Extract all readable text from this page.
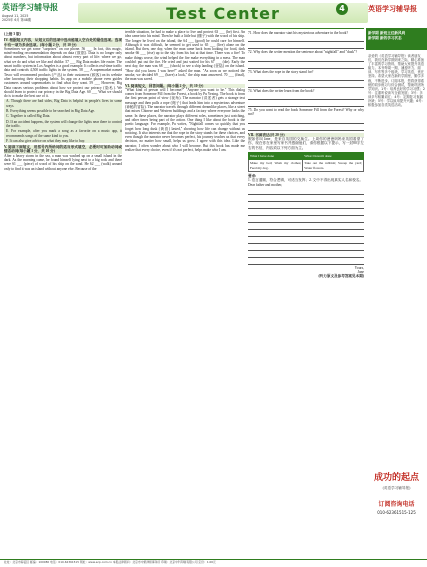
英语学习辅导报
August 11, 2025
2025年 6月 第48期	Test Center	4	英语学习辅导报
(上接 3 版)
IV. 根据短文内容，从短文后的选项中选出能填入空白处的最佳选项。选项中有一项为多余选项。(每小题 2 分，共 10 分)
Sometimes we get some "surprises" on our phone. 56 ___ In fact, this magic, mind-reading recommendation depends on data (数据). Data is no longer only about numbers, but information about almost every part of life: where we go, what we do and what we like and dislike. 57 ___ Big Data makes life easier. The smart traffic system in Los Angeles is a good example. It collects real-time traffic data and controls 4,500 traffic lights in the system. 58 ___ A supermarket named Tesco will recommend products (产品) to their customers (顾客) on its website after knowing their shopping habits. Its app on a mobile phone even guides customers around supermarkets to find what they want. 59 ___ However, Big Data causes serious problems about how we protect our privacy (隐私). We should learn to protect our privacy in the Big Data Age. 60 ___ What we should do is to make the best use of it.
A. Though there are bad sides, Big Data is helpful in people's lives in some ways.
B. Everything seems possible to be searched in Big Data Age.
C. Together is called Big Data.
D. If an accident happens, the system will change the lights near there to control the traffic.
E. For example, after you mark a song as a favorite on a music app, it recommends songs of the same kind to you.
F. It can also give advice on what they may like to buy.
V. 阅读下面短文，用括号内所给词的适当形式填空，必要时可加助动词或情态动词(每小题 1 分，共 10 分)
After a heavy storm in the sea, a man was washed up on a small island in the dark. As the morning came, he found himself lying next to a big rock and there were 61 ___ (piece) of wood of his ship on the sand. He 62 ___ (walk) around only to find it was an island without anyone else. Because of the
terrible situation, he had to make a place to live and protect 63 ___ (he) first. An idea came into his mind. Then he built a little hut (棚子) with the wood of his ship. The longer he lived on the island, the 64 ___ (good) he could care for himself. Although it was difficult, he seemed to get used to 65 ___ (live) alone on the island. But then, one day, when the man came back from looking for food, dark smoke 66 ___ (rise) up to the sky from his hut at that time. There was a fire! To make things worse, the wind helped the fire make everything in a mess. The man couldn't put out the fire. He cried and just waited for his 67 ___ (die). Early the next day, the man was 68 ___ (shock) to see a ship landing (登陆) on the island. "How did you know I was here?" asked the man. "As soon as we noticed the smoke, we decided 69 ___ (have) a look," the ship man answered. 70 ___ (final), the man was saved.
VI. 阅读短文，回答问题。(每小题 2 分，共 10 分)
"What kind of person will I become?" "Anyone you want to be." This dialog comes from Someone Fill from the Forest, a book by Pu Yexing. The book is from the first person point of view (视角). The narrator (讲述者) gets a strange text message and then pulls a rope (绳子) that leads him into a mysterious adventure (神秘的冒险). The narrator travels through different dreamlike places, like a street that mixes Chinese and Western buildings and a factory where everyone looks the same. In these places, the narrator plays different roles, sometimes just watching, and other times being part of the action. One thing I like about the book is the poetic language. For example, Pu writes, "Nightfall comes so quickly that you forget how long dusk (黄昏) lasted," showing how life can change without us noticing. It also interests me that the rope in the story stands for these choices, and even though the narrator never becomes perfect, his journey teaches us that every decision, no matter how small, helps us grow. I agree with this idea. Like the narrator, I often wonder about who I will become. But this book has made me realize that every choice, even if it's not perfect, helps make who I am.
71. How does the narrator start his mysterious adventure in the book?
72. Why does the writer mention the sentence about "nightfall" and "dusk"?
73. What does the rope in the story stand for?
74. What does the writer learn from the book?
75. Do you want to read the book Someone Fill from the Forest? Why or why not?
VII. 书面表达(共 20 分)
假如你叫 Jane，是来自英国的交换生。上周你的爸爸妈妈来英国看望了你，现在你在家里写家书并感谢他们，请你根据以下提示，写一封80字左右的书信，内容须以下列方面为主。
What I have done	What I haven't done
Make my bed; Wash my clothes; Feed my dog.	Take out the rubbish; Sweep the yard; Water flowers.
要求:
1. 语言通顺，符合逻辑，可适当发挥；2. 文中不得出现真实人名和校名。
Dear father and mother,
Yours,
Jane
(听力原文及参考答案见本期)
新学期 新班主任新风尚
新学期 新的学习状态
亲爱的《英语学习辅导报》读者朋友们，我们在新学期到来之际，精心准备了丰富的学习资料，帮助大家提升英语能力。本刊每周一期，涵盖听力、阅读、写作等多个板块。学习英语，贵在坚持。希望大家在新的学期里，勤学多练，不断进步。订阅本报，您将获得系统的同步练习与综合测试，帮助巩固所学知识。1号：培养良好的学习习惯；2号：注重听说读写全面发展；3号：多读多写积累词汇；4号：定期复习查漏补缺；5号：学以致用提升兴趣；6号：积极参加各类英语活动。
成功的起点
(英语学习辅导报)
订阅咨询电话
010-62361515-125
社址：北京市海淀区 邮编：100080 电话：010-62361515 网址：www.ecp.com.cn 本报法律顾问：北京市中策律师事务所 印刷：北京中科印刷有限公司 定价：1.00元
